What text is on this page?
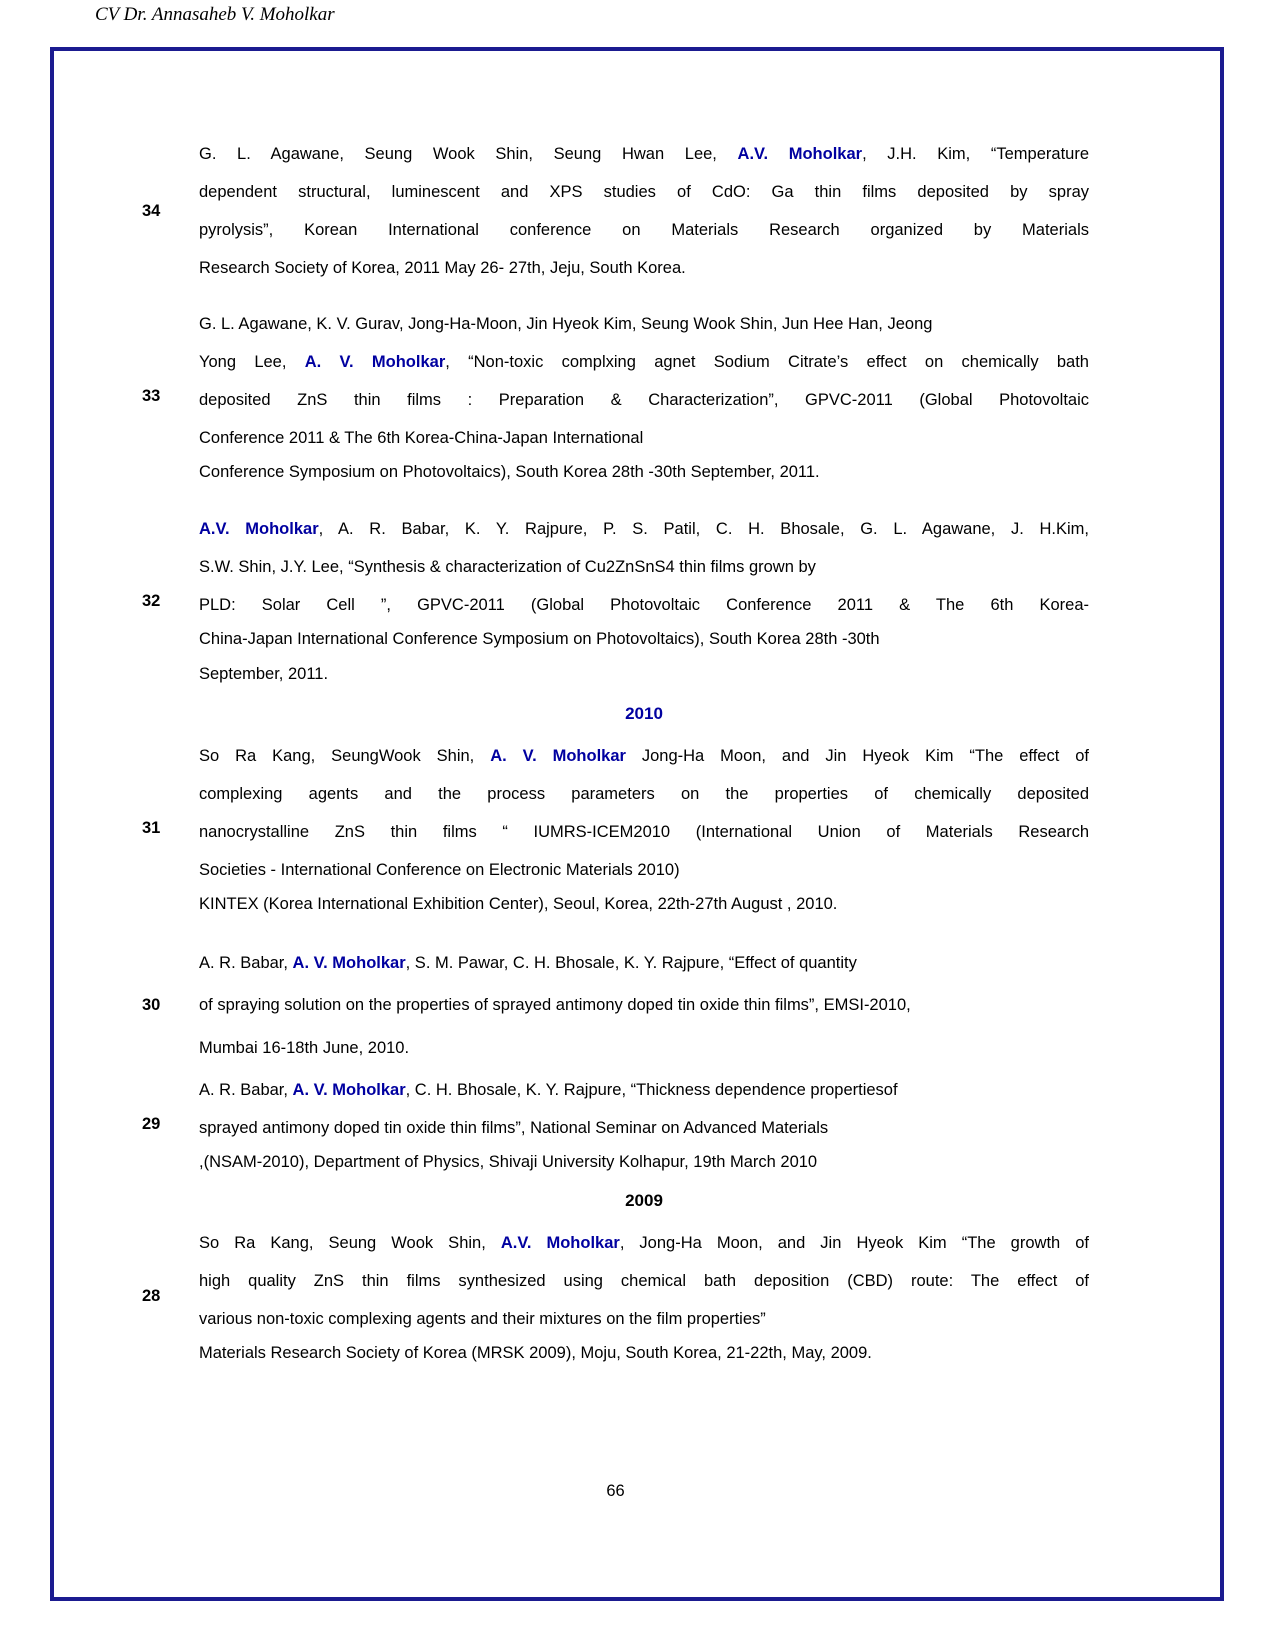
CV Dr. Annasaheb V. Moholkar
34
G. L. Agawane, Seung Wook Shin, Seung Hwan Lee, A.V. Moholkar, J.H. Kim, “Temperature
dependent structural, luminescent and XPS studies of CdO: Ga thin films deposited by spray
pyrolysis”, Korean International conference on Materials Research organized by Materials
Research Society of Korea, 2011 May 26- 27th, Jeju, South Korea.
33
G. L. Agawane, K. V. Gurav, Jong-Ha-Moon, Jin Hyeok Kim, Seung Wook Shin, Jun Hee Han, Jeong
Yong Lee, A. V. Moholkar, “Non-toxic complxing agnet Sodium Citrate’s effect on chemically bath
deposited ZnS thin films : Preparation & Characterization”, GPVC-2011 (Global Photovoltaic
Conference 2011 & The 6th Korea-China-Japan International
Conference Symposium on Photovoltaics), South Korea 28th -30th September, 2011.
32
A.V. Moholkar, A. R. Babar, K. Y. Rajpure, P. S. Patil, C. H. Bhosale, G. L. Agawane, J. H.Kim,
S.W. Shin, J.Y. Lee, “Synthesis & characterization of Cu2ZnSnS4 thin films grown by
PLD: Solar Cell ”, GPVC-2011 (Global Photovoltaic Conference 2011 & The 6th Korea-
China-Japan International Conference Symposium on Photovoltaics), South Korea 28th -30th
September, 2011.
2010
31
So Ra Kang, SeungWook Shin, A. V. Moholkar Jong-Ha Moon, and Jin Hyeok Kim “The effect of
complexing agents and the process parameters on the properties of chemically deposited
nanocrystalline ZnS thin films “ IUMRS-ICEM2010 (International Union of Materials Research
Societies - International Conference on Electronic Materials 2010)
KINTEX (Korea International Exhibition Center), Seoul, Korea, 22th-27th August , 2010.
30
A. R. Babar, A. V. Moholkar, S. M. Pawar, C. H. Bhosale, K. Y. Rajpure, “Effect of quantity
of spraying solution on the properties of sprayed antimony doped tin oxide thin films”, EMSI-2010,
Mumbai 16-18th June, 2010.
29
A. R. Babar, A. V. Moholkar, C. H. Bhosale, K. Y. Rajpure, “Thickness dependence propertiesof
sprayed antimony doped tin oxide thin films”, National Seminar on Advanced Materials
,(NSAM-2010), Department of Physics, Shivaji University Kolhapur, 19th March 2010
2009
28
So Ra Kang, Seung Wook Shin, A.V. Moholkar, Jong-Ha Moon, and Jin Hyeok Kim “The growth of
high quality ZnS thin films synthesized using chemical bath deposition (CBD) route: The effect of
various non-toxic complexing agents and their mixtures on the film properties”
Materials Research Society of Korea (MRSK 2009), Moju, South Korea, 21-22th, May, 2009.
66
